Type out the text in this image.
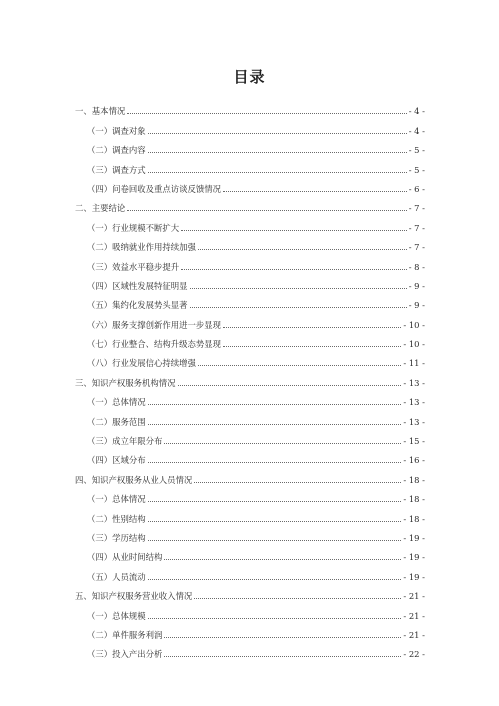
目录
一、基本情况	- 4 -
（一）调查对象	- 4 -
（二）调查内容	- 5 -
（三）调查方式	- 5 -
（四）问卷回收及重点访谈反馈情况	- 6 -
二、主要结论	- 7 -
（一）行业规模不断扩大	- 7 -
（二）吸纳就业作用持续加强	- 7 -
（三）效益水平稳步提升	- 8 -
（四）区域性发展特征明显	- 9 -
（五）集约化发展势头显著	- 9 -
（六）服务支撑创新作用进一步显现	- 10 -
（七）行业整合、结构升级态势显现	- 10 -
（八）行业发展信心持续增强	- 11 -
三、知识产权服务机构情况	- 13 -
（一）总体情况	- 13 -
（二）服务范围	- 13 -
（三）成立年限分布	- 15 -
（四）区域分布	- 16 -
四、知识产权服务从业人员情况	- 18 -
（一）总体情况	- 18 -
（二）性别结构	- 18 -
（三）学历结构	- 19 -
（四）从业时间结构	- 19 -
（五）人员流动	- 19 -
五、知识产权服务营业收入情况	- 21 -
（一）总体规模	- 21 -
（二）单件服务利润	- 21 -
（三）投入产出分析	- 22 -
